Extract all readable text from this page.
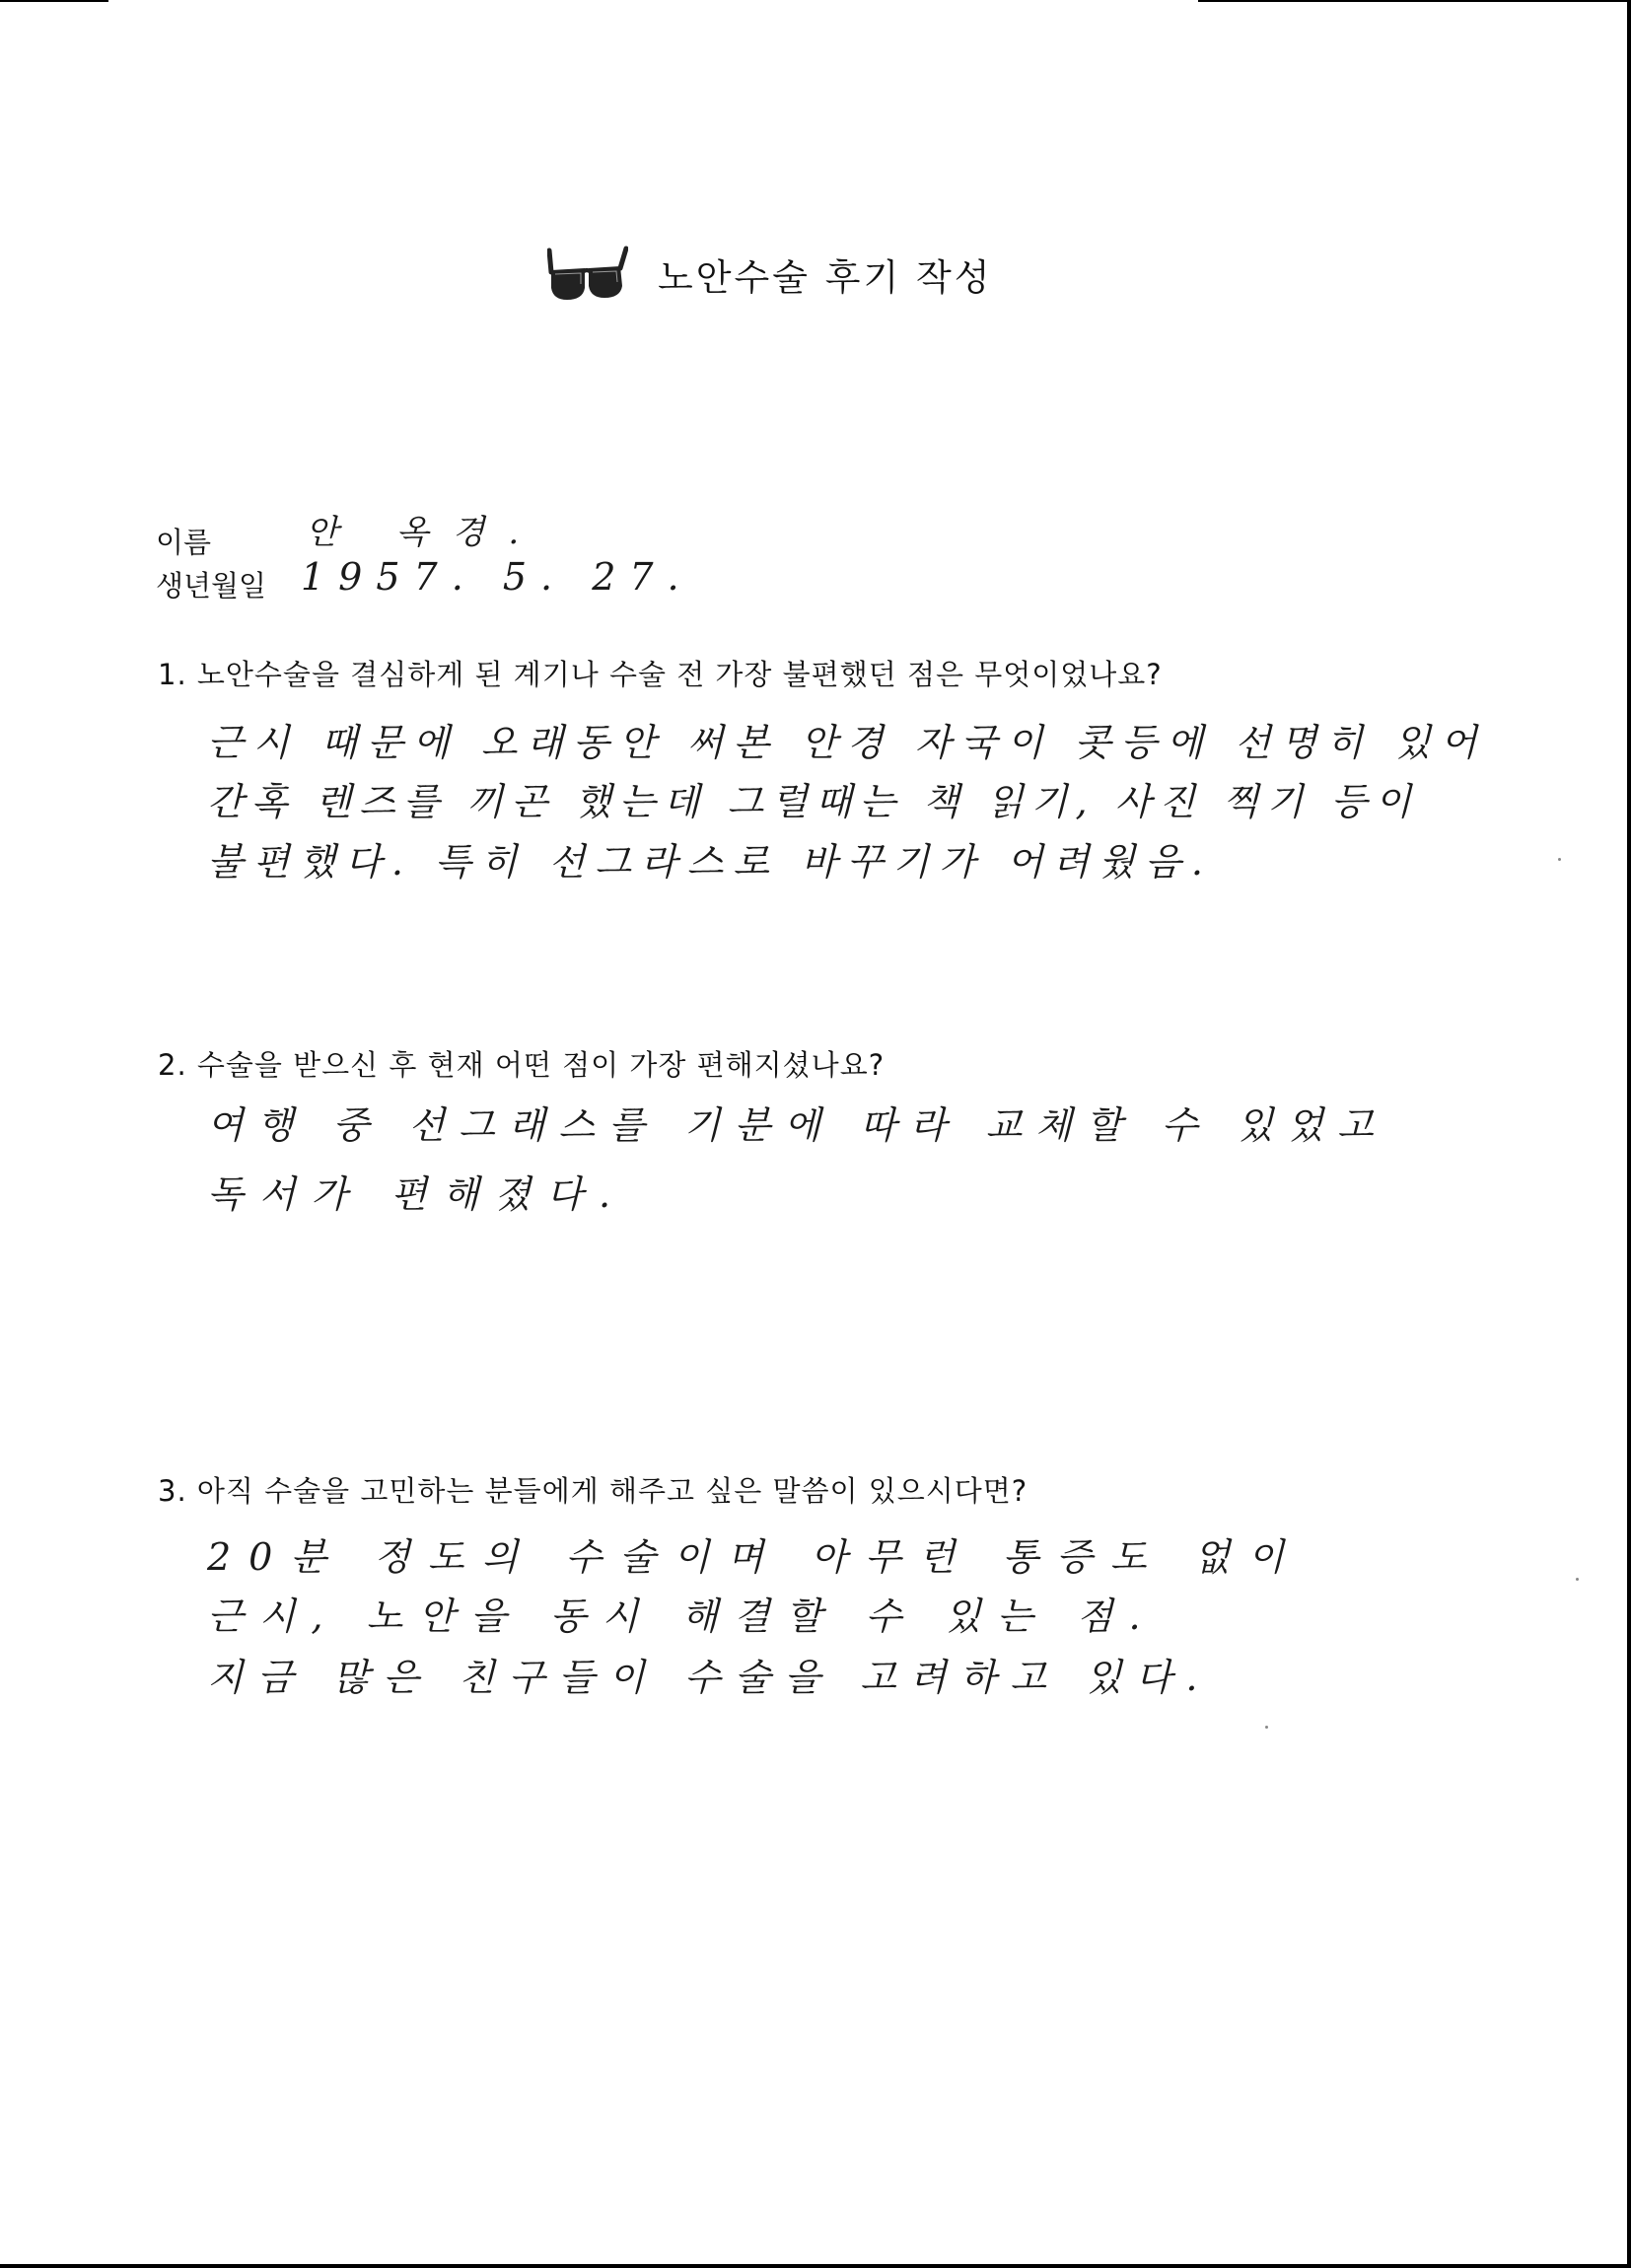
노안수술 후기 작성
이름	안 옥경.
생년월일 1957. 5. 27.
1. 노안수술을 결심하게 된 계기나 수술 전 가장 불편했던 점은 무엇이었나요?
근시 때문에 오래동안 써본 안경 자국이 콧등에 선명히 있어
간혹 렌즈를 끼곤 했는데 그럴때는 책 읽기, 사진 찍기 등이
불편했다. 특히 선그라스로 바꾸기가 어려웠음.
2. 수술을 받으신 후 현재 어떤 점이 가장 편해지셨나요?
여행 중 선그래스를 기분에 따라 교체할 수 있었고
독서가 편해졌다.
3. 아직 수술을 고민하는 분들에게 해주고 싶은 말씀이 있으시다면?
20분 정도의 수술이며 아무런 통증도 없이
근시, 노안을 동시 해결할 수 있는 점.
지금 많은 친구들이 수술을 고려하고 있다.
